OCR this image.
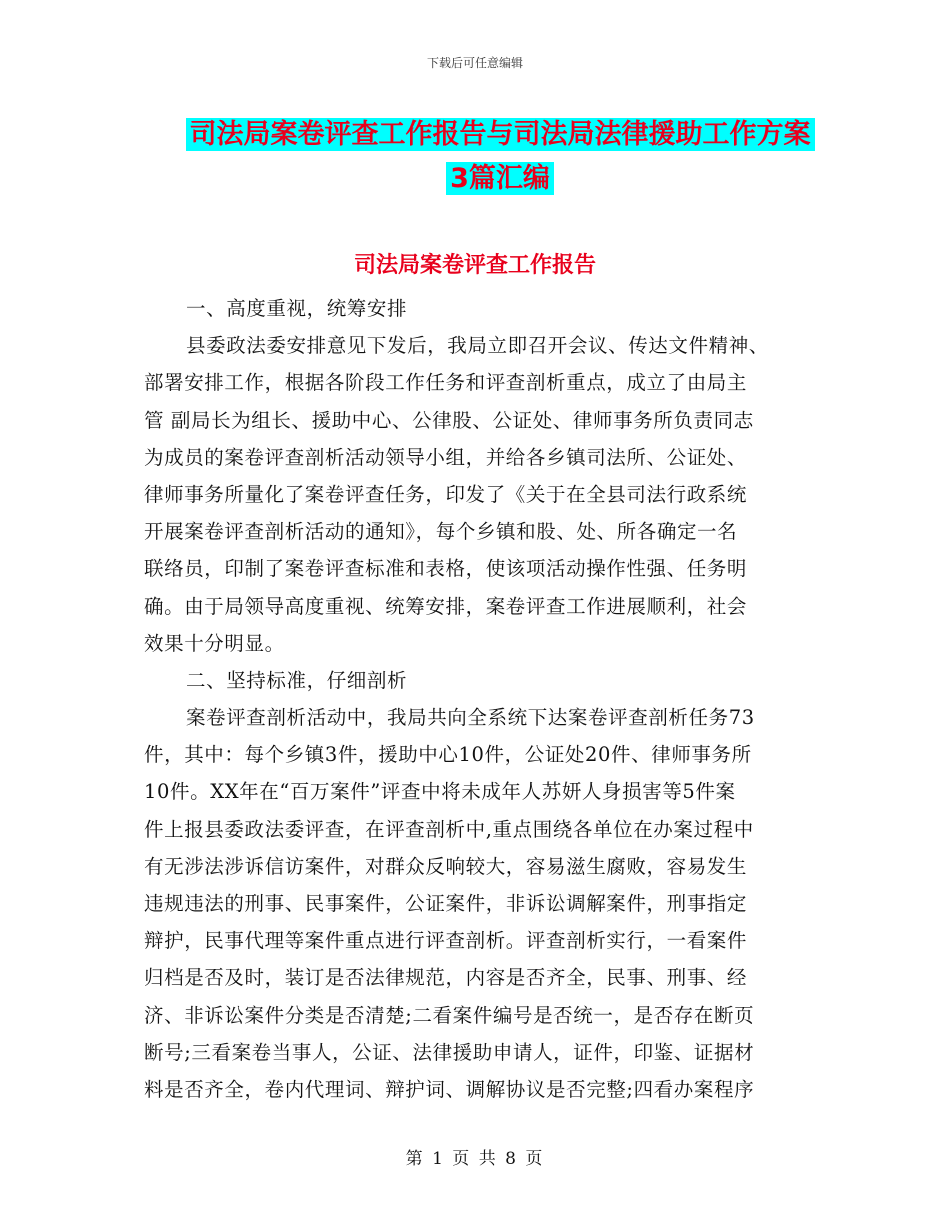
下载后可任意编辑
司法局案卷评查工作报告与司法局法律援助工作方案
3篇汇编
司法局案卷评查工作报告
一、高度重视，统筹安排
县委政法委安排意见下发后，我局立即召开会议、传达文件精神、
部署安排工作，根据各阶段工作任务和评查剖析重点，成立了由局主
管 副局长为组长、援助中心、公律股、公证处、律师事务所负责同志
为成员的案卷评查剖析活动领导小组，并给各乡镇司法所、公证处、
律师事务所量化了案卷评查任务，印发了《关于在全县司法行政系统
开展案卷评查剖析活动的通知》，每个乡镇和股、处、所各确定一名
联络员，印制了案卷评查标准和表格，使该项活动操作性强、任务明
确。由于局领导高度重视、统筹安排，案卷评查工作进展顺利，社会
效果十分明显。
二、坚持标准，仔细剖析
案卷评查剖析活动中，我局共向全系统下达案卷评查剖析任务73
件，其中：每个乡镇3件，援助中心10件，公证处20件、律师事务所
10件。XX年在“百万案件”评查中将未成年人苏妍人身损害等5件案
件上报县委政法委评查，在评查剖析中,重点围绕各单位在办案过程中
有无涉法涉诉信访案件，对群众反响较大，容易滋生腐败，容易发生
违规违法的刑事、民事案件，公证案件，非诉讼调解案件，刑事指定
辩护，民事代理等案件重点进行评查剖析。评查剖析实行，一看案件
归档是否及时，装订是否法律规范，内容是否齐全，民事、刑事、经
济、非诉讼案件分类是否清楚;二看案件编号是否统一，是否存在断页
断号;三看案卷当事人，公证、法律援助申请人，证件，印鉴、证据材
料是否齐全，卷内代理词、辩护词、调解协议是否完整;四看办案程序
第 1 页 共 8 页
